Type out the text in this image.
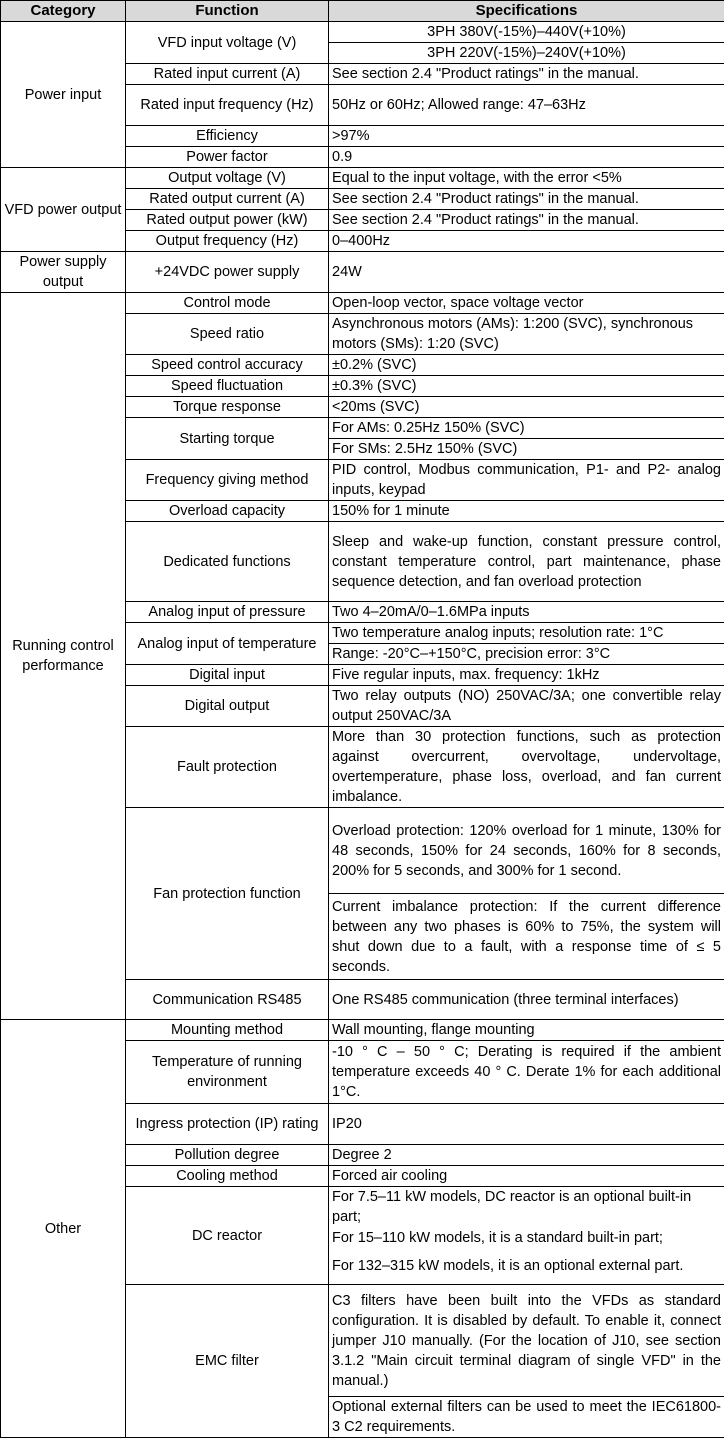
Category	Function	Specifications
Power input	VFD input voltage (V)	3PH 380V(-15%)–440V(+10%)
		3PH 220V(-15%)–240V(+10%)
	Rated input current (A)	See section 2.4 "Product ratings" in the manual.
	Rated input frequency (Hz)	50Hz or 60Hz; Allowed range: 47–63Hz
	Efficiency	>97%
	Power factor	0.9

VFD power output	Output voltage (V)	Equal to the input voltage, with the error <5%
	Rated output current (A)	See section 2.4 "Product ratings" in the manual.
	Rated output power (kW)	See section 2.4 "Product ratings" in the manual.
	Output frequency (Hz)	0–400Hz
Power supply output	+24VDC power supply	24W
Running control performance	Control mode	Open-loop vector, space voltage vector
	Speed ratio	Asynchronous motors (AMs): 1:200 (SVC), synchronous motors (SMs): 1:20 (SVC)
	Speed control accuracy	±0.2% (SVC)
	Speed fluctuation	±0.3% (SVC)
	Torque response	<20ms (SVC)
	Starting torque	For AMs: 0.25Hz 150% (SVC)
		For SMs: 2.5Hz 150% (SVC)
	Frequency giving method	PID control, Modbus communication, P1- and P2- analog inputs, keypad
	Overload capacity	150% for 1 minute
	Dedicated functions	Sleep and wake-up function, constant pressure control, constant temperature control, part maintenance, phase sequence detection, and fan overload protection
	Analog input of pressure	Two 4–20mA/0–1.6MPa inputs
	Analog input of temperature	Two temperature analog inputs; resolution rate: 1°C
		Range: -20°C–+150°C, precision error: 3°C
	Digital input	Five regular inputs, max. frequency: 1kHz
	Digital output	Two relay outputs (NO) 250VAC/3A; one convertible relay output 250VAC/3A
	Fault protection	More than 30 protection functions, such as protection against overcurrent, overvoltage, undervoltage, overtemperature, phase loss, overload, and fan current imbalance.
	Fan protection function	Overload protection: 120% overload for 1 minute, 130% for 48 seconds, 150% for 24 seconds, 160% for 8 seconds, 200% for 5 seconds, and 300% for 1 second.
		Current imbalance protection: If the current difference between any two phases is 60% to 75%, the system will shut down due to a fault, with a response time of ≤ 5 seconds.
	Communication RS485	One RS485 communication (three terminal interfaces)

Other	Mounting method	Wall mounting, flange mounting
	Temperature of running environment	-10 ° C – 50 ° C; Derating is required if the ambient temperature exceeds 40 ° C. Derate 1% for each additional 1°C.
	Ingress protection (IP) rating	IP20
	Pollution degree	Degree 2
	Cooling method	Forced air cooling
	DC reactor	For 7.5–11 kW models, DC reactor is an optional built-in part;
		For 15–110 kW models, it is a standard built-in part;
		For 132–315 kW models, it is an optional external part.
	EMC filter	C3 filters have been built into the VFDs as standard configuration. It is disabled by default. To enable it, connect jumper J10 manually. (For the location of J10, see section 3.1.2 "Main circuit terminal diagram of single VFD" in the manual.)
		Optional external filters can be used to meet the IEC61800-3 C2 requirements.
